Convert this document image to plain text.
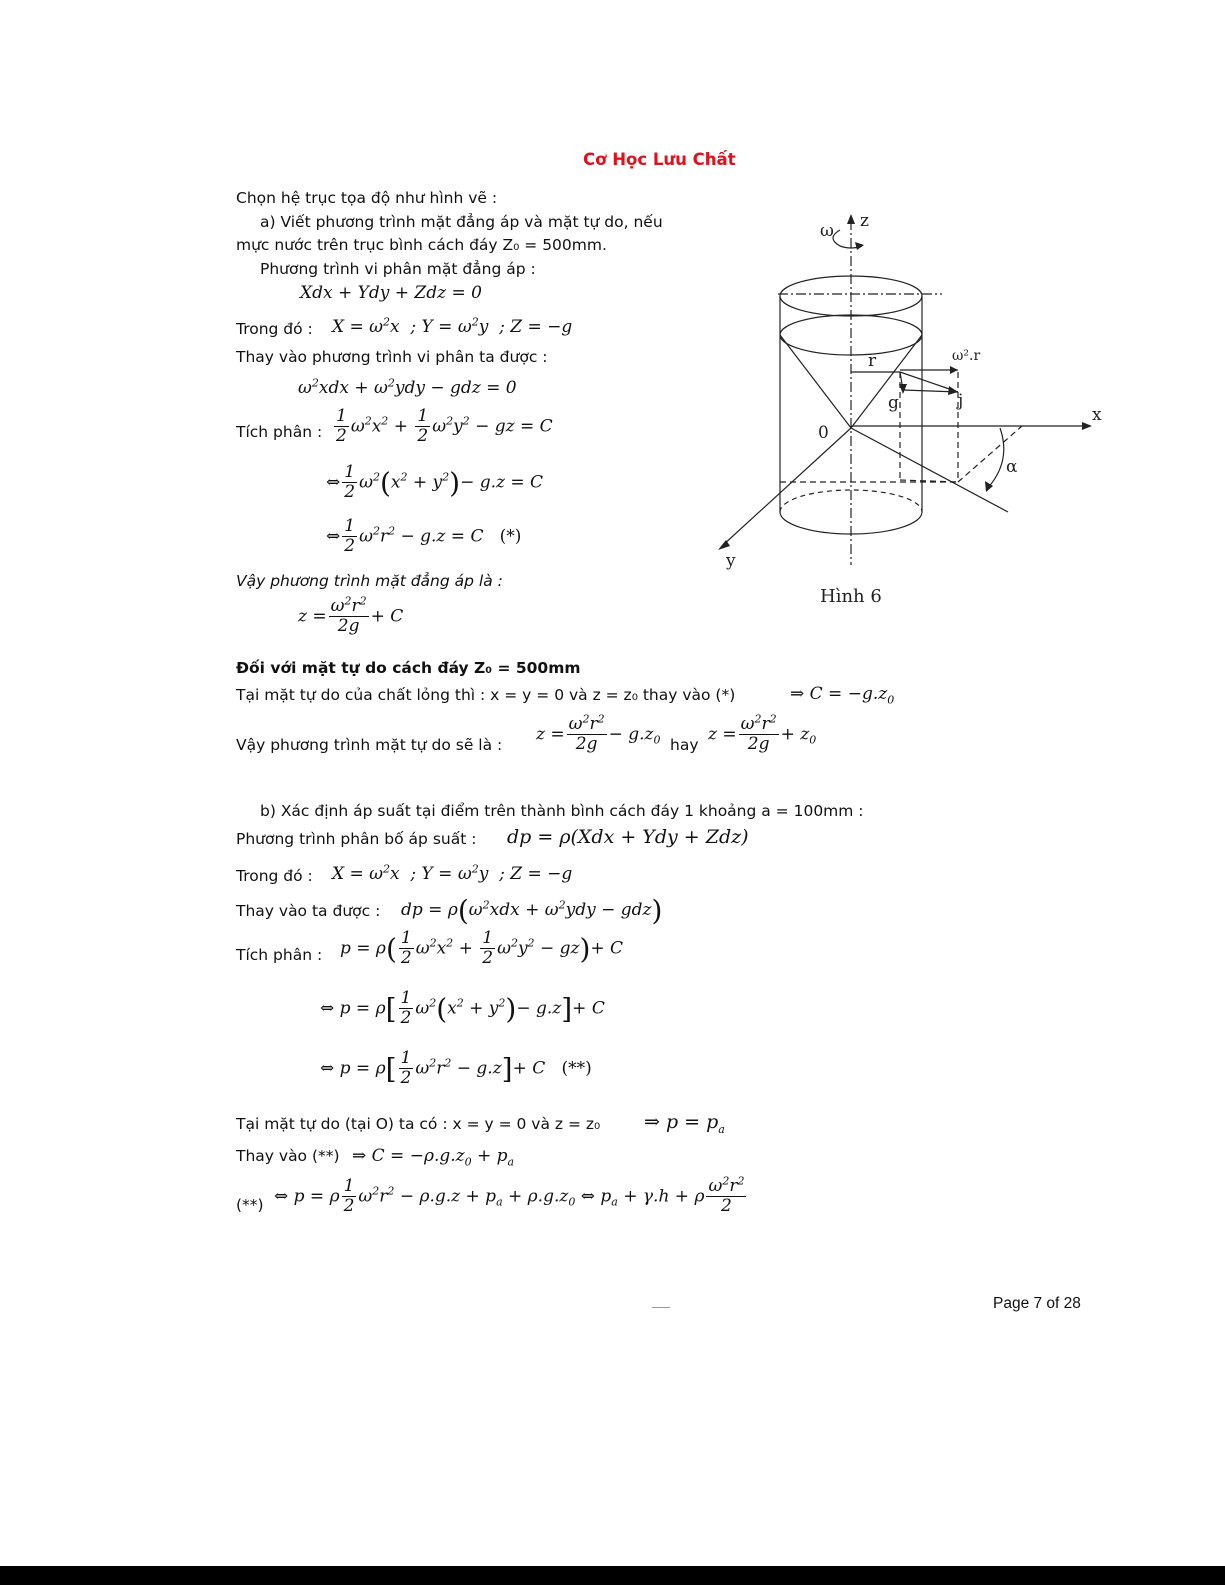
Cơ Học Lưu Chất
Chọn hệ trục tọa độ như hình vẽ :
a) Viết phương trình mặt đẳng áp và mặt tự do, nếu
mực nước trên trục bình cách đáy Z₀ = 500mm.
Phương trình vi phân mặt đẳng áp :
Xdx + Ydy + Zdz = 0
Trong đó : $X = \omega^2x$  ; $Y = \omega^2y$  ; Z = −g
Thay vào phương trình vi phân ta được :
$\omega^2xdx + \omega^2ydy$ − gdz = 0
Tích phân : $\frac{1}{2} \omega^2x^2 + \frac{1}{2} \omega^2y^2$ − gz = C
⇔ $\frac{1}{2} \omega^2(x^2 + y^2)- g.z = C$
⇔ $\frac{1}{2} \omega^2r^2 - g.z = C$   (*)
Vậy phương trình mặt đẳng áp là :
$z = \frac{\omega^2r^2}{2g} + C$
Đối với mặt tự do cách đáy Z₀ = 500mm
Tại mặt tự do của chất lỏng thì : x = y = 0 và z = z₀ thay vào (*)	⇒ $C = -g.z_0$
Vậy phương trình mặt tự do sẽ là :
$z = \frac{\omega^2r^2}{2g} - g.z_0$ hay
$z = \frac{\omega^2r^2}{2g} + z_0$
b) Xác định áp suất tại điểm trên thành bình cách đáy 1 khoảng a = 100mm :
Phương trình phân bố áp suất : dp = ρ(Xdx + Ydy + Zdz)
Trong đó : $X = \omega^2x$  ; $Y = \omega^2y$  ; Z = −g
Thay vào ta được : dp = $\rho(\omega^2xdx + \omega^2ydy - gdz)$
Tích phân : $p = \rho( \frac{1}{2} \omega^2x^2 + \frac{1}{2} \omega^2y^2 - gz)+ C$
⇔ $p = \rho[ \frac{1}{2} \omega^2(x^2 + y^2)- g.z]+ C$
⇔ $p = \rho[ \frac{1}{2} \omega^2r^2 - g.z]+ C$   (**)
Tại mặt tự do (tại O) ta có : x = y = 0 và z = z₀ ⇒ $p = p_a$
Thay vào (**) ⇒ $C = -\rho.g.z_0 + p_a$
(**) ⇔ p = ρ $\frac{1}{2} \omega^2r^2 - \rho.g.z + p_a + \rho.g.z_0$ ⇔ $p_a + \gamma.h + \rho \frac{\omega^2r^2}{2}$
ω z
x
y
0
r
g	j
ω².r
α
Hình 6
Page 7 of 28
